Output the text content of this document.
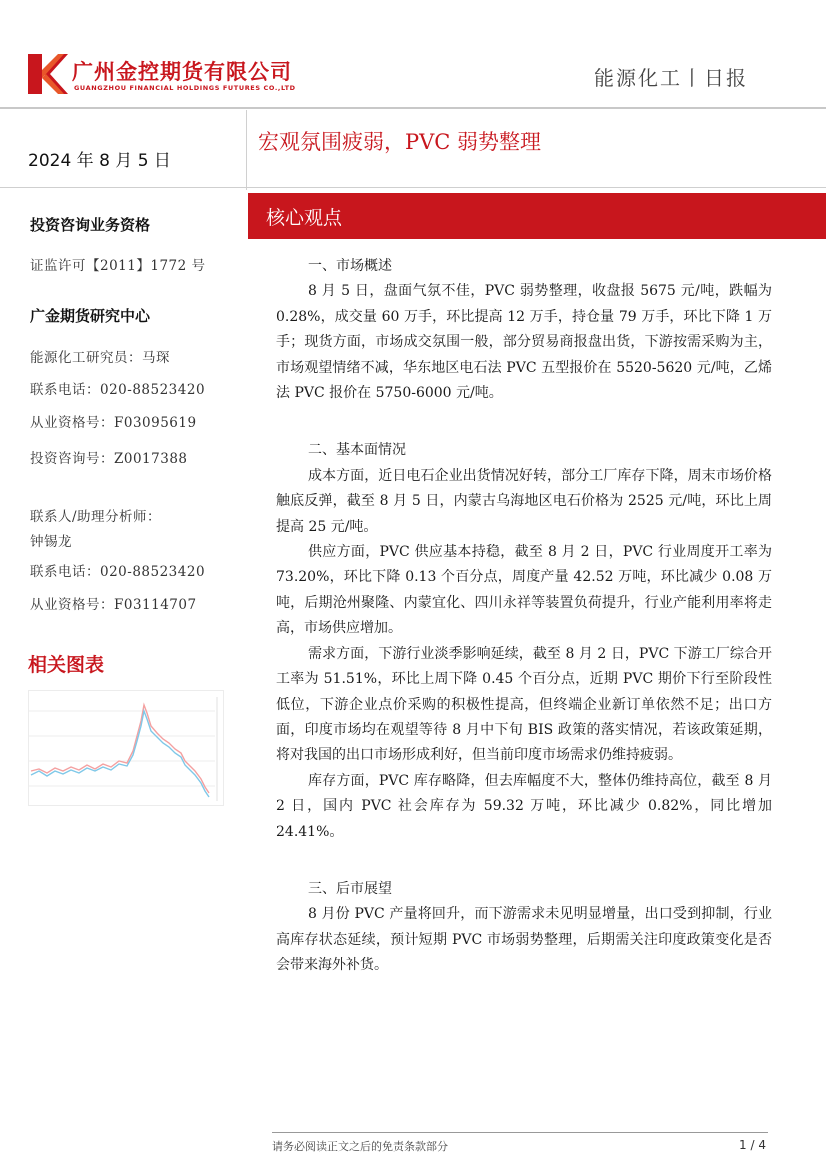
广州金控期货有限公司
GUANGZHOU FINANCIAL HOLDINGS FUTURES CO.,LTD	能源化工丨日报
2024 年 8 月 5 日
投资咨询业务资格
证监许可【2011】1772 号
广金期货研究中心
能源化工研究员：马琛
联系电话：020-88523420
从业资格号：F03095619
投资咨询号：Z0017388
联系人/助理分析师：
钟锡龙
联系电话：020-88523420
从业资格号：F03114707
相关图表
宏观氛围疲弱，PVC 弱势整理
核心观点
一、市场概述
8 月 5 日，盘面气氛不佳，PVC 弱势整理，收盘报 5675 元/吨，跌幅为 0.28%，成交量 60 万手，环比提高 12 万手，持仓量 79 万手，环比下降 1 万手；现货方面，市场成交氛围一般，部分贸易商报盘出货，下游按需采购为主，市场观望情绪不减，华东地区电石法 PVC 五型报价在 5520-5620 元/吨，乙烯法 PVC 报价在 5750-6000 元/吨。
二、基本面情况
成本方面，近日电石企业出货情况好转，部分工厂库存下降，周末市场价格触底反弹，截至 8 月 5 日，内蒙古乌海地区电石价格为 2525 元/吨，环比上周提高 25 元/吨。
供应方面，PVC 供应基本持稳，截至 8 月 2 日，PVC 行业周度开工率为 73.20%，环比下降 0.13 个百分点，周度产量 42.52 万吨，环比减少 0.08 万吨，后期沧州聚隆、内蒙宜化、四川永祥等装置负荷提升，行业产能利用率将走高，市场供应增加。
需求方面，下游行业淡季影响延续，截至 8 月 2 日，PVC 下游工厂综合开工率为 51.51%，环比上周下降 0.45 个百分点，近期 PVC 期价下行至阶段性低位，下游企业点价采购的积极性提高，但终端企业新订单依然不足；出口方面，印度市场均在观望等待 8 月中下旬 BIS 政策的落实情况，若该政策延期，将对我国的出口市场形成利好，但当前印度市场需求仍维持疲弱。
库存方面，PVC 库存略降，但去库幅度不大，整体仍维持高位，截至 8 月 2 日，国内 PVC 社会库存为 59.32 万吨，环比减少 0.82%，同比增加 24.41%。
三、后市展望
8 月份 PVC 产量将回升，而下游需求未见明显增量，出口受到抑制，行业高库存状态延续，预计短期 PVC 市场弱势整理，后期需关注印度政策变化是否会带来海外补货。
请务必阅读正文之后的免责条款部分	1 / 4
